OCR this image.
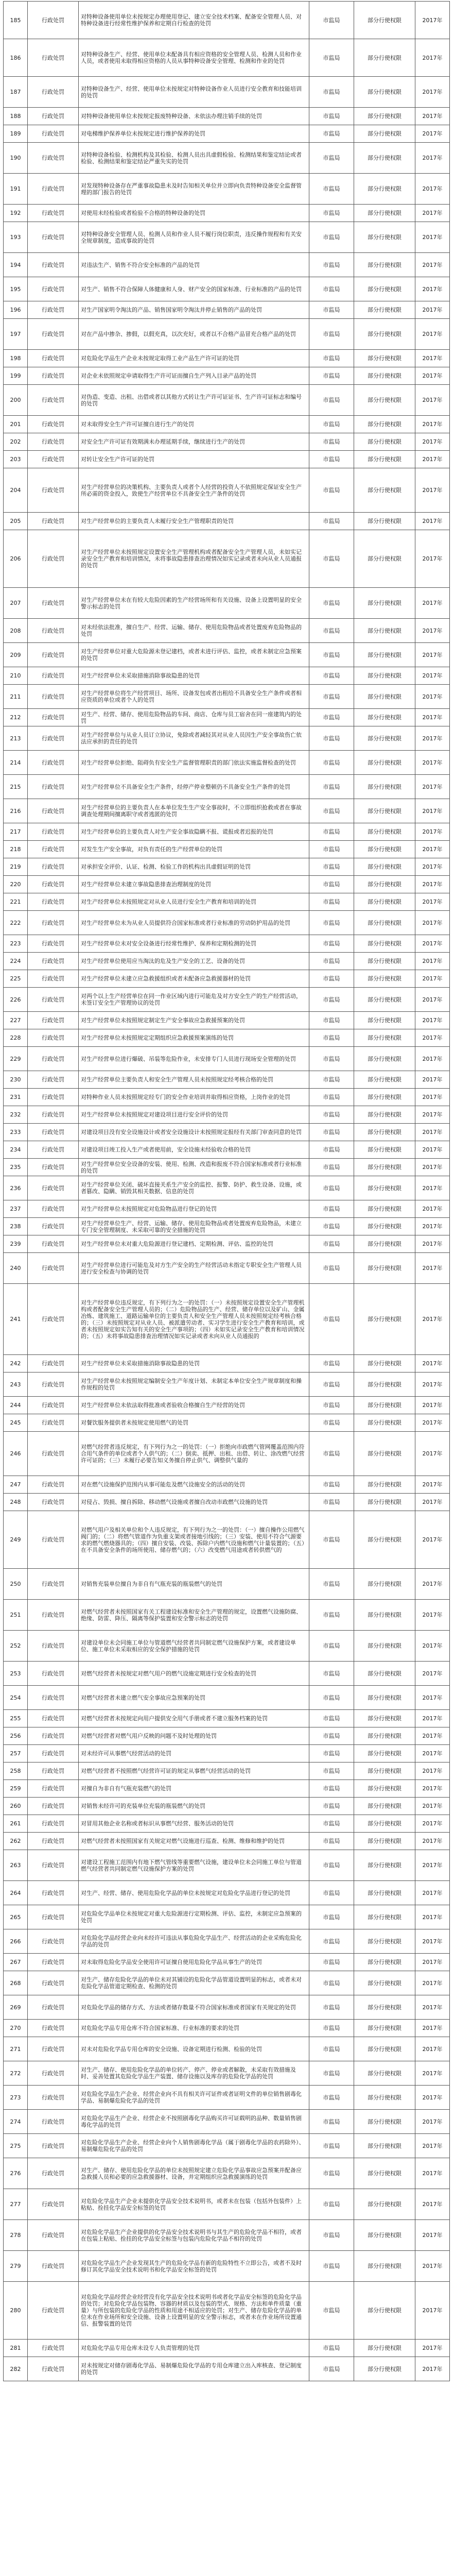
185	行政处罚	对特种设备使用单位未按规定办理使用登记、建立安全技术档案、配备安全管理人员、对特种设备进行经常性维护保养和定期自行检查的处罚	市监局	部分行使权限	2017年
186	行政处罚	对特种设备生产、经营、使用单位未配备具有相应资格的安全管理人员、检测人员和作业人员，或者使用未取得相应资格的人员从事特种设备安全管理、检测和作业的处罚	市监局	部分行使权限	2017年
187	行政处罚	对特种设备生产、经营、使用单位未按规定对特种设备作业人员进行安全教育和技能培训的处罚	市监局	部分行使权限	2017年
188	行政处罚	对特种设备使用单位未按规定报废特种设备、未依法办理注销手续的处罚	市监局	部分行使权限	2017年
189	行政处罚	对电梯维护保养单位未按规定进行维护保养的处罚	市监局	部分行使权限	2017年
190	行政处罚	对特种设备检验、检测机构及其检验、检测人员出具虚假检验、检测结果和鉴定结论或者检验、检测结果和鉴定结论严重失实的处罚	市监局	部分行使权限	2017年
191	行政处罚	对发现特种设备存在严重事故隐患未及时告知相关单位并立即向负责特种设备安全监督管理的部门报告的处罚	市监局	部分行使权限	2017年
192	行政处罚	对使用未经检验或者检验不合格的特种设备的处罚	市监局	部分行使权限	2017年
193	行政处罚	对特种设备安全管理人员、检测人员和作业人员不履行岗位职责，违反操作规程和有关安全规章制度，造成事故的处罚	市监局	部分行使权限	2017年
194	行政处罚	对违法生产、销售不符合安全标准的产品的处罚	市监局	部分行使权限	2017年
195	行政处罚	对生产、销售不符合保障人体健康和人身、财产安全的国家标准、行业标准的产品的处罚	市监局	部分行使权限	2017年
196	行政处罚	对生产国家明令淘汰的产品、销售国家明令淘汰并停止销售的产品的处罚	市监局	部分行使权限	2017年
197	行政处罚	对在产品中掺杂、掺假，以假充真，以次充好，或者以不合格产品冒充合格产品的处罚	市监局	部分行使权限	2017年
198	行政处罚	对危险化学品生产企业未按规定取得工业产品生产许可证的处罚	市监局	部分行使权限	2017年
199	行政处罚	对企业未依照规定申请取得生产许可证而擅自生产列入目录产品的处罚	市监局	部分行使权限	2017年
200	行政处罚	对伪造、变造、出租、出借或者以其他方式转让生产许可证证书、生产许可证标志和编号的处罚	市监局	部分行使权限	2017年
201	行政处罚	对未取得安全生产许可证擅自进行生产的处罚	市监局	部分行使权限	2017年
202	行政处罚	对安全生产许可证有效期满未办理延期手续，继续进行生产的处罚	市监局	部分行使权限	2017年
203	行政处罚	对转让安全生产许可证的处罚	市监局	部分行使权限	2017年
204	行政处罚	对生产经营单位的决策机构、主要负责人或者个人经营的投资人不依照规定保证安全生产所必需的资金投入，致使生产经营单位不具备安全生产条件的处罚	市监局	部分行使权限	2017年
205	行政处罚	对生产经营单位的主要负责人未履行安全生产管理职责的处罚	市监局	部分行使权限	2017年
206	行政处罚	对生产经营单位未按照规定设置安全生产管理机构或者配备安全生产管理人员，未如实记录安全生产教育和培训情况，未将事故隐患排查治理情况如实记录或者未向从业人员通报的处罚	市监局	部分行使权限	2017年
207	行政处罚	对生产经营单位未在有较大危险因素的生产经营场所和有关设施、设备上设置明显的安全警示标志的处罚	市监局	部分行使权限	2017年
208	行政处罚	对未经依法批准，擅自生产、经营、运输、储存、使用危险物品或者处置废弃危险物品的处罚	市监局	部分行使权限	2017年
209	行政处罚	对生产经营单位对重大危险源未登记建档，或者未进行评估、监控，或者未制定应急预案的处罚	市监局	部分行使权限	2017年
210	行政处罚	对生产经营单位未采取措施消除事故隐患的处罚	市监局	部分行使权限	2017年
211	行政处罚	对生产经营单位将生产经营项目、场所、设备发包或者出租给不具备安全生产条件或者相应资质的单位或者个人的处罚	市监局	部分行使权限	2017年
212	行政处罚	对生产、经营、储存、使用危险物品的车间、商店、仓库与员工宿舍在同一座建筑内的处罚	市监局	部分行使权限	2017年
213	行政处罚	对生产经营单位与从业人员订立协议，免除或者减轻其对从业人员因生产安全事故伤亡依法应承担的责任的处罚	市监局	部分行使权限	2017年
214	行政处罚	对生产经营单位拒绝、阻碍负有安全生产监督管理职责的部门依法实施监督检查的处罚	市监局	部分行使权限	2017年
215	行政处罚	对生产经营单位不具备安全生产条件，经停产停业整顿仍不具备安全生产条件的处罚	市监局	部分行使权限	2017年
216	行政处罚	对生产经营单位的主要负责人在本单位发生生产安全事故时，不立即组织抢救或者在事故调查处理期间擅离职守或者逃匿的处罚	市监局	部分行使权限	2017年
217	行政处罚	对生产经营单位的主要负责人对生产安全事故隐瞒不报、谎报或者迟报的处罚	市监局	部分行使权限	2017年
218	行政处罚	对发生生产安全事故，对负有责任的生产经营单位的处罚	市监局	部分行使权限	2017年
219	行政处罚	对承担安全评价、认证、检测、检验工作的机构出具虚假证明的处罚	市监局	部分行使权限	2017年
220	行政处罚	对生产经营单位未建立事故隐患排查治理制度的处罚	市监局	部分行使权限	2017年
221	行政处罚	对生产经营单位未按照规定对从业人员进行安全生产教育和培训的处罚	市监局	部分行使权限	2017年
222	行政处罚	对生产经营单位未为从业人员提供符合国家标准或者行业标准的劳动防护用品的处罚	市监局	部分行使权限	2017年
223	行政处罚	对生产经营单位未对安全设备进行经常性维护、保养和定期检测的处罚	市监局	部分行使权限	2017年
224	行政处罚	对生产经营单位使用应当淘汰的危及生产安全的工艺、设备的处罚	市监局	部分行使权限	2017年
225	行政处罚	对生产经营单位未建立应急救援组织或者未配备应急救援器材的处罚	市监局	部分行使权限	2017年
226	行政处罚	对两个以上生产经营单位在同一作业区域内进行可能危及对方安全生产的生产经营活动，未签订安全生产管理协议的处罚	市监局	部分行使权限	2017年
227	行政处罚	对生产经营单位未按照规定制定生产安全事故应急救援预案的处罚	市监局	部分行使权限	2017年
228	行政处罚	对生产经营单位未按照规定定期组织应急救援预案演练的处罚	市监局	部分行使权限	2017年
229	行政处罚	对生产经营单位进行爆破、吊装等危险作业，未安排专门人员进行现场安全管理的处罚	市监局	部分行使权限	2017年
230	行政处罚	对生产经营单位主要负责人和安全生产管理人员未按照规定经考核合格的处罚	市监局	部分行使权限	2017年
231	行政处罚	对特种作业人员未按照规定经专门的安全作业培训并取得相应资格，上岗作业的处罚	市监局	部分行使权限	2017年
232	行政处罚	对生产经营单位未按照规定对建设项目进行安全评价的处罚	市监局	部分行使权限	2017年
233	行政处罚	对建设项目没有安全设施设计或者安全设施设计未按照规定报经有关部门审查同意的处罚	市监局	部分行使权限	2017年
234	行政处罚	对建设项目竣工投入生产或者使用前，安全设施未经验收合格的处罚	市监局	部分行使权限	2017年
235	行政处罚	对生产经营单位安全设备的安装、使用、检测、改造和报废不符合国家标准或者行业标准的处罚	市监局	部分行使权限	2017年
236	行政处罚	对生产经营单位关闭、破坏直接关系生产安全的监控、报警、防护、救生设备、设施，或者篡改、隐瞒、销毁其相关数据、信息的处罚	市监局	部分行使权限	2017年
237	行政处罚	对生产经营单位未按照规定对危险物品进行登记的处罚	市监局	部分行使权限	2017年
238	行政处罚	对生产经营单位生产、经营、运输、储存、使用危险物品或者处置废弃危险物品，未建立专门安全管理制度、未采取可靠的安全措施的处罚	市监局	部分行使权限	2017年
239	行政处罚	对生产经营单位未对重大危险源进行登记建档、定期检测、评估、监控的处罚	市监局	部分行使权限	2017年
240	行政处罚	对生产经营单位进行可能危及对方生产安全的生产经营活动未指定专职安全生产管理人员进行安全检查与协调的处罚	市监局	部分行使权限	2017年
241	行政处罚	对生产经营单位违反规定，有下列行为之一的处罚：（一）未按照规定设置安全生产管理机构或者配备安全生产管理人员的；（二）危险物品的生产、经营、储存单位以及矿山、金属冶炼、建筑施工、道路运输单位的主要负责人和安全生产管理人员未按照规定经考核合格的；（三）未按照规定对从业人员、被派遣劳动者、实习学生进行安全生产教育和培训，或者未按照规定如实告知有关的安全生产事项的；（四）未如实记录安全生产教育和培训情况的；（五）未将事故隐患排查治理情况如实记录或者未向从业人员通报的	市监局	部分行使权限	2017年
242	行政处罚	对生产经营单位未采取措施消除事故隐患的处罚	市监局	部分行使权限	2017年
243	行政处罚	对生产经营单位未按照规定编制安全生产年度计划、未制定本单位安全生产规章制度和操作规程的处罚	市监局	部分行使权限	2017年
244	行政处罚	对生产经营单位未依法取得批准或者验收合格擅自生产经营的处罚	市监局	部分行使权限	2017年
245	行政处罚	对餐饮服务提供者未按规定使用燃气的处罚	市监局	部分行使权限	2017年
246	行政处罚	对燃气经营者违反规定，有下列行为之一的处罚：（一）拒绝向市政燃气管网覆盖范围内符合用气条件的单位或者个人供气的；（二）倒卖、抵押、出租、出借、转让、涂改燃气经营许可证的；（三）未履行必要告知义务擅自停止供气、调整供气量的	市监局	部分行使权限	2017年
247	行政处罚	对在燃气设施保护范围内从事可能危及燃气设施安全的活动的处罚	市监局	部分行使权限	2017年
248	行政处罚	对侵占、毁损、擅自拆除、移动燃气设施或者擅自改动市政燃气设施的处罚	市监局	部分行使权限	2017年
249	行政处罚	对燃气用户及相关单位和个人违反规定，有下列行为之一的处罚：（一）擅自操作公用燃气阀门的；（二）将燃气管道作为负重支架或者接地引线的；（三）安装、使用不符合气源要求的燃气燃烧器具的；（四）擅自安装、改装、拆除户内燃气设施和燃气计量装置的；（五）在不具备安全条件的场所使用、储存燃气的；（六）改变燃气用途或者转供燃气的	市监局	部分行使权限	2017年
250	行政处罚	对销售充装单位擅自为非自有气瓶充装的瓶装燃气的处罚	市监局	部分行使权限	2017年
251	行政处罚	对燃气经营者未按照国家有关工程建设标准和安全生产管理的规定，设置燃气设施防腐、绝缘、防雷、降压、隔离等保护装置和安全警示标志的处罚	市监局	部分行使权限	2017年
252	行政处罚	对建设单位未会同施工单位与管道燃气经营者共同制定燃气设施保护方案，或者建设单位、施工单位未采取相应的安全保护措施的处罚	市监局	部分行使权限	2017年
253	行政处罚	对燃气经营者未按规定对燃气用户的燃气设施定期进行安全检查的处罚	市监局	部分行使权限	2017年
254	行政处罚	对燃气经营者未建立燃气安全事故应急预案的处罚	市监局	部分行使权限	2017年
255	行政处罚	对燃气经营者未按规定向用户提供安全用气手册或者不建立服务档案的处罚	市监局	部分行使权限	2017年
256	行政处罚	对燃气经营者对燃气用户反映的问题不及时处理的处罚	市监局	部分行使权限	2017年
257	行政处罚	对未经许可从事燃气经营活动的处罚	市监局	部分行使权限	2017年
258	行政处罚	对燃气经营者不按照燃气经营许可证的规定从事燃气经营活动的处罚	市监局	部分行使权限	2017年
259	行政处罚	对擅自为非自有气瓶充装燃气的处罚	市监局	部分行使权限	2017年
260	行政处罚	对销售未经许可的充装单位充装的瓶装燃气的处罚	市监局	部分行使权限	2017年
261	行政处罚	对冒用其他企业名称或者标识从事燃气经营、服务活动的处罚	市监局	部分行使权限	2017年
262	行政处罚	对燃气经营者未按照国家有关规定对燃气设施进行巡查、检测、维修和维护的处罚	市监局	部分行使权限	2017年
263	行政处罚	对建设工程施工范围内有地下燃气管线等重要燃气设施，建设单位未会同施工单位与管道燃气经营者共同制定燃气设施保护方案的处罚	市监局	部分行使权限	2017年
264	行政处罚	对生产、经营、储存、使用危险化学品的单位未按规定对危险化学品进行登记的处罚	市监局	部分行使权限	2017年
265	行政处罚	对危险化学品单位未按规定对重大危险源进行定期检测、评估、监控，未制定应急预案的处罚	市监局	部分行使权限	2017年
266	行政处罚	对危险化学品经营企业向未经许可违法从事危险化学品生产、经营活动的企业采购危险化学品的处罚	市监局	部分行使权限	2017年
267	行政处罚	对未取得危险化学品安全使用许可证擅自使用危险化学品从事生产的处罚	市监局	部分行使权限	2017年
268	行政处罚	对生产、储存危险化学品的单位未对其铺设的危险化学品管道设置明显的标志，或者未对危险化学品管道定期检查、检测的处罚	市监局	部分行使权限	2017年
269	行政处罚	对危险化学品的储存方式、方法或者储存数量不符合国家标准或者国家有关规定的处罚	市监局	部分行使权限	2017年
270	行政处罚	对危险化学品专用仓库不符合国家标准、行业标准的要求的处罚	市监局	部分行使权限	2017年
271	行政处罚	对未对危险化学品专用仓库的安全设施、设备定期进行检测、检验的处罚	市监局	部分行使权限	2017年
272	行政处罚	对生产、储存、使用危险化学品的单位转产、停产、停业或者解散，未采取有效措施及时、妥善处置其危险化学品生产装置、储存设施以及库存的危险化学品的处罚	市监局	部分行使权限	2017年
273	行政处罚	对危险化学品生产企业、经营企业向不具有相关许可证件或者证明文件的单位销售剧毒化学品、易制爆危险化学品的处罚	市监局	部分行使权限	2017年
274	行政处罚	对危险化学品生产企业、经营企业不按照剧毒化学品购买许可证载明的品种、数量销售剧毒化学品的处罚	市监局	部分行使权限	2017年
275	行政处罚	对危险化学品生产企业、经营企业向个人销售剧毒化学品（属于剧毒化学品的农药除外）、易制爆危险化学品的处罚	市监局	部分行使权限	2017年
276	行政处罚	对生产、储存、使用危险化学品的单位未按照规定建立危险化学品事故应急预案并配备应急救援人员和必要的应急救援器材、设备，并定期组织应急救援演练的处罚	市监局	部分行使权限	2017年
277	行政处罚	对危险化学品生产企业未提供化学品安全技术说明书，或者未在包装（包括外包装件）上粘贴、拴挂化学品安全标签的处罚	市监局	部分行使权限	2017年
278	行政处罚	对危险化学品生产企业提供的化学品安全技术说明书与其生产的危险化学品不相符，或者在包装上粘贴、拴挂的化学品安全标签与包装内危险化学品不相符的处罚	市监局	部分行使权限	2017年
279	行政处罚	对危险化学品生产企业发现其生产的危险化学品有新的危险特性不立即公告，或者不及时修订其化学品安全技术说明书和化学品安全标签的处罚	市监局	部分行使权限	2017年
280	行政处罚	对危险化学品经营企业经营没有化学品安全技术说明书或者化学品安全标签的危险化学品的处罚；对危险化学品包装物、容器的材质以及包装的型式、规格、方法和单件质量（重量）与所包装的危险化学品的性质和用途不相适应的处罚；对生产、储存危险化学品的单位未在作业场所和安全设施、设备上设置明显的安全警示标志，或者未在作业场所设置通信、报警装置的处罚	市监局	部分行使权限	2017年
281	行政处罚	对危险化学品专用仓库未设专人负责管理的处罚	市监局	部分行使权限	2017年
282	行政处罚	对未按规定对储存剧毒化学品、易制爆危险化学品的专用仓库建立出入库核查、登记制度的处罚	市监局	部分行使权限	2017年
